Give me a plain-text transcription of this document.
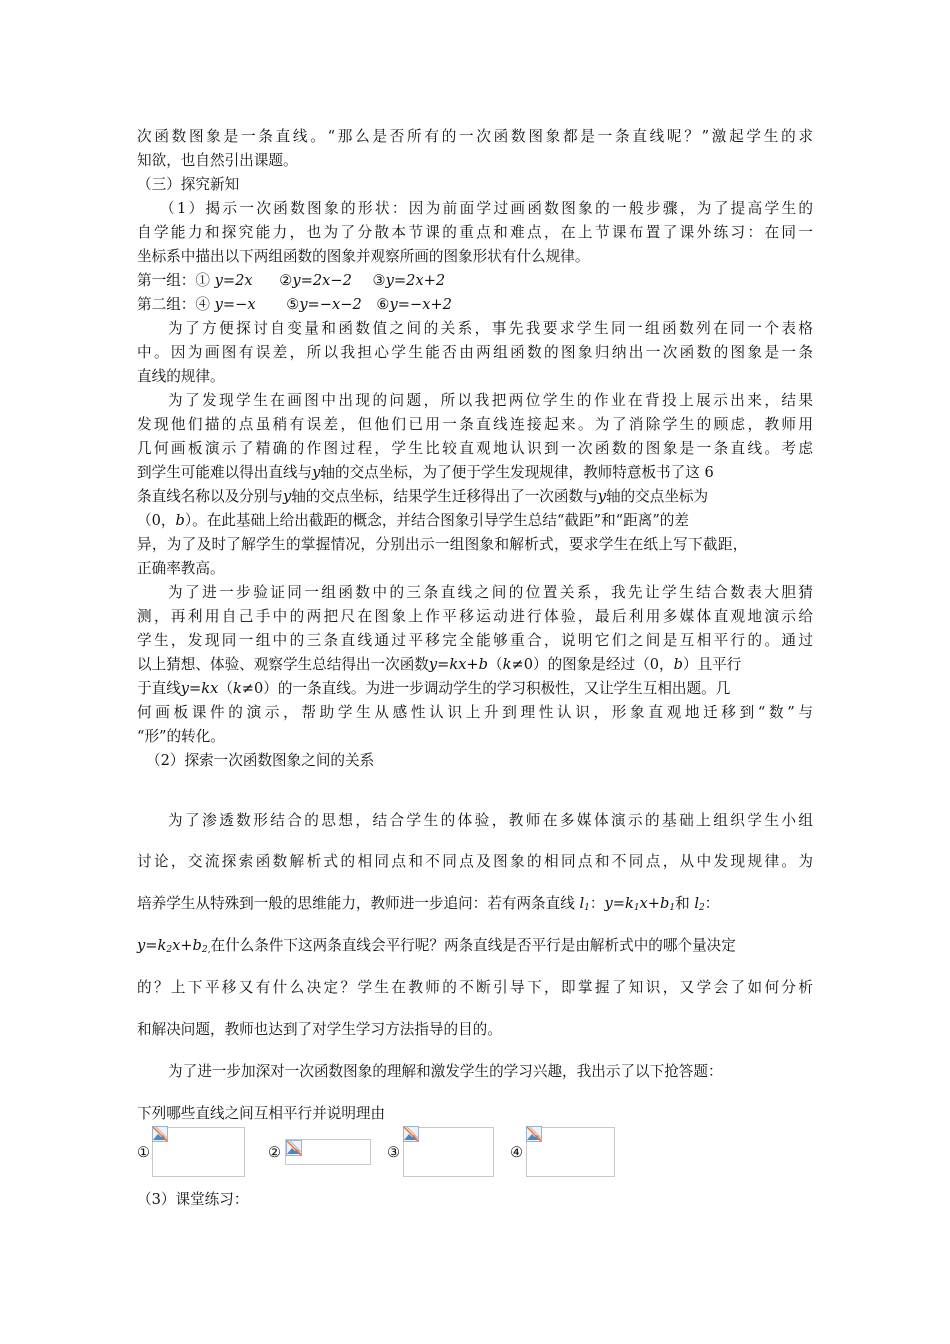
次函数图象是一条直线。“那么是否所有的一次函数图象都是一条直线呢？”激起学生的求
知欲，也自然引出课题。
（三）探究新知
（1）揭示一次函数图象的形状：因为前面学过画函数图象的一般步骤，为了提高学生的
自学能力和探究能力，也为了分散本节课的重点和难点，在上节课布置了课外练习：在同一
坐标系中描出以下两组函数的图象并观察所画的图象形状有什么规律。
第一组：① y=2x ②y=2x−2 ③y=2x+2
第二组：④ y=−x ⑤y=−x−2 ⑥y=−x+2
为了方便探讨自变量和函数值之间的关系，事先我要求学生同一组函数列在同一个表格
中。因为画图有误差，所以我担心学生能否由两组函数的图象归纳出一次函数的图象是一条
直线的规律。
为了发现学生在画图中出现的问题，所以我把两位学生的作业在背投上展示出来，结果
发现他们描的点虽稍有误差，但他们已用一条直线连接起来。为了消除学生的顾虑，教师用
几何画板演示了精确的作图过程，学生比较直观地认识到一次函数的图象是一条直线。考虑
到学生可能难以得出直线与y轴的交点坐标，为了便于学生发现规律，教师特意板书了这 6
条直线名称以及分别与y轴的交点坐标，结果学生迁移得出了一次函数与y轴的交点坐标为
（0，b）。在此基础上给出截距的概念，并结合图象引导学生总结“截距”和“距离”的差
异，为了及时了解学生的掌握情况，分别出示一组图象和解析式，要求学生在纸上写下截距，
正确率教高。
为了进一步验证同一组函数中的三条直线之间的位置关系，我先让学生结合数表大胆猜
测，再利用自己手中的两把尺在图象上作平移运动进行体验，最后利用多媒体直观地演示给
学生，发现同一组中的三条直线通过平移完全能够重合，说明它们之间是互相平行的。通过
以上猜想、体验、观察学生总结得出一次函数y=kx+b（k≠0）的图象是经过（0，b）且平行
于直线y=kx（k≠0）的一条直线。为进一步调动学生的学习积极性，又让学生互相出题。几
何画板课件的演示，帮助学生从感性认识上升到理性认识，形象直观地迁移到“数”与
“形”的转化。
（2）探索一次函数图象之间的关系
为了渗透数形结合的思想，结合学生的体验，教师在多媒体演示的基础上组织学生小组
讨论，交流探索函数解析式的相同点和不同点及图象的相同点和不同点，从中发现规律。为
培养学生从特殊到一般的思维能力，教师进一步追问：若有两条直线 $l_1$：$y=k_1x+b_1$和 $l_2$：
$y=k_2x+b_{2,}$在什么条件下这两条直线会平行呢？两条直线是否平行是由解析式中的哪个量决定
的？上下平移又有什么决定？学生在教师的不断引导下，即掌握了知识，又学会了如何分析
和解决问题，教师也达到了对学生学习方法指导的目的。
为了进一步加深对一次函数图象的理解和激发学生的学习兴趣，我出示了以下抢答题：
下列哪些直线之间互相平行并说明理由
①	②	③	④
（3）课堂练习：
